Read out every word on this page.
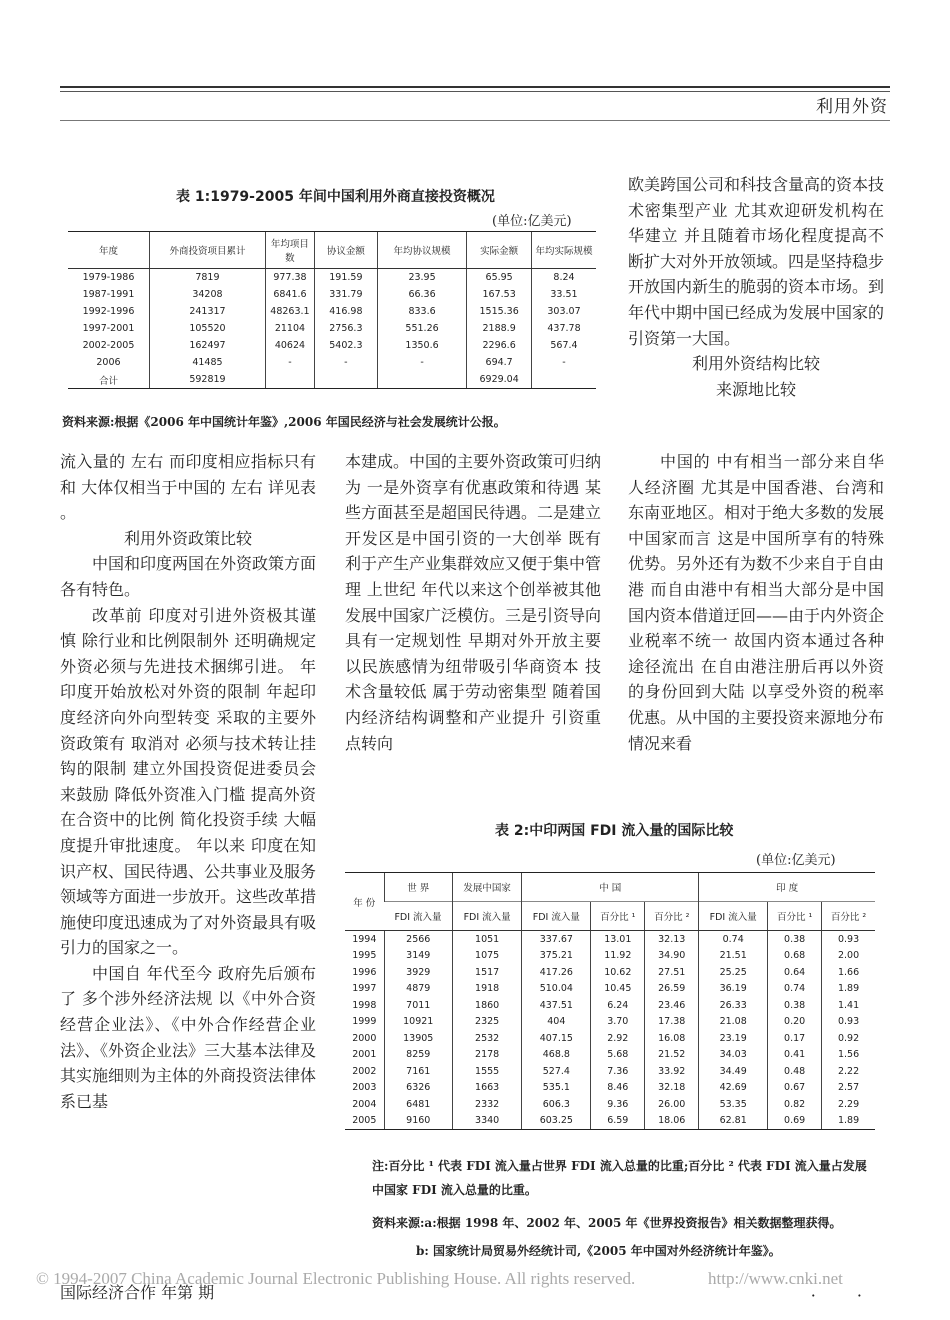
利用外资
表 1:1979-2005 年间中国利用外商直接投资概况
(单位:亿美元)
年度	外商投资项目累计	年均项目数	协议金额	年均协议规模	实际金额	年均实际规模
1979-1986	7819	977.38	191.59	23.95	65.95	8.24
1987-1991	34208	6841.6	331.79	66.36	167.53	33.51
1992-1996	241317	48263.1	416.98	833.6	1515.36	303.07
1997-2001	105520	21104	2756.3	551.26	2188.9	437.78
2002-2005	162497	40624	5402.3	1350.6	2296.6	567.4
2006	41485	-	-	-	694.7	-
合计	592819				6929.04	
资料来源:根据《2006 年中国统计年鉴》,2006 年国民经济与社会发展统计公报。

欧美跨国公司和科技含量高的资本技术密集型产业 尤其欢迎研发机构在华建立 并且随着市场化程度提高不断扩大对外开放领域。四是坚持稳步开放国内新生的脆弱的资本市场。到 年代中期中国已经成为发展中国家的引资第一大国。

利用外资结构比较

来源地比较

流入量的 左右 而印度相应指标只有 和 大体仅相当于中国的 左右 详见表 。

利用外资政策比较

中国和印度两国在外资政策方面各有特色。

改革前 印度对引进外资极其谨慎 除行业和比例限制外 还明确规定外资必须与先进技术捆绑引进。 年印度开始放松对外资的限制 年起印度经济向外向型转变 采取的主要外资政策有 取消对 必须与技术转让挂钩的限制 建立外国投资促进委员会来鼓励 降低外资准入门槛 提高外资在合资中的比例 简化投资手续 大幅度提升审批速度。 年以来 印度在知识产权、国民待遇、公共事业及服务领域等方面进一步放开。这些改革措施使印度迅速成为了对外资最具有吸引力的国家之一。

中国自 年代至今 政府先后颁布了 多个涉外经济法规 以《中外合资经营企业法》、《中外合作经营企业法》、《外资企业法》三大基本法律及其实施细则为主体的外商投资法律体系已基

本建成。中国的主要外资政策可归纳为 一是外资享有优惠政策和待遇 某些方面甚至是超国民待遇。二是建立开发区是中国引资的一大创举 既有利于产生产业集群效应又便于集中管理 上世纪 年代以来这个创举被其他发展中国家广泛模仿。三是引资导向具有一定规划性 早期对外开放主要以民族感情为纽带吸引华商资本 技术含量较低 属于劳动密集型 随着国内经济结构调整和产业提升 引资重点转向

中国的 中有相当一部分来自华人经济圈 尤其是中国香港、台湾和东南亚地区。相对于绝大多数的发展中国家而言 这是中国所享有的特殊优势。另外还有为数不少来自于自由港 而自由港中有相当大部分是中国国内资本借道迂回——由于内外资企业税率不统一 故国内资本通过各种途径流出 在自由港注册后再以外资的身份回到大陆 以享受外资的税率优惠。从中国的主要投资来源地分布情况来看

表 2:中印两国 FDI 流入量的国际比较
(单位:亿美元)
年 份	世 界	发展中国家	中 国			印 度		
	FDI 流入量	FDI 流入量	FDI 流入量	百分比 ¹	百分比 ²	FDI 流入量	百分比 ¹	百分比 ²
1994	2566	1051	337.67	13.01	32.13	0.74	0.38	0.93
1995	3149	1075	375.21	11.92	34.90	21.51	0.68	2.00
1996	3929	1517	417.26	10.62	27.51	25.25	0.64	1.66
1997	4879	1918	510.04	10.45	26.59	36.19	0.74	1.89
1998	7011	1860	437.51	6.24	23.46	26.33	0.38	1.41
1999	10921	2325	404	3.70	17.38	21.08	0.20	0.93
2000	13905	2532	407.15	2.92	16.08	23.19	0.17	0.92
2001	8259	2178	468.8	5.68	21.52	34.03	0.41	1.56
2002	7161	1555	527.4	7.36	33.92	34.49	0.48	2.22
2003	6326	1663	535.1	8.46	32.18	42.69	0.67	2.57
2004	6481	2332	606.3	9.36	26.00	53.35	0.82	2.29
2005	9160	3340	603.25	6.59	18.06	62.81	0.69	1.89
注:百分比 ¹ 代表 FDI 流入量占世界 FDI 流入总量的比重;百分比 ² 代表 FDI 流入量占发展中国家 FDI 流入总量的比重。
资料来源:a:根据 1998 年、2002 年、2005 年《世界投资报告》相关数据整理获得。
b: 国家统计局贸易外经统计司,《2005 年中国对外经济统计年鉴》。
© 1994-2007 China Academic Journal Electronic Publishing House. All rights reserved.	http://www.cnki.net
国际经济合作 年第 期	· ·
